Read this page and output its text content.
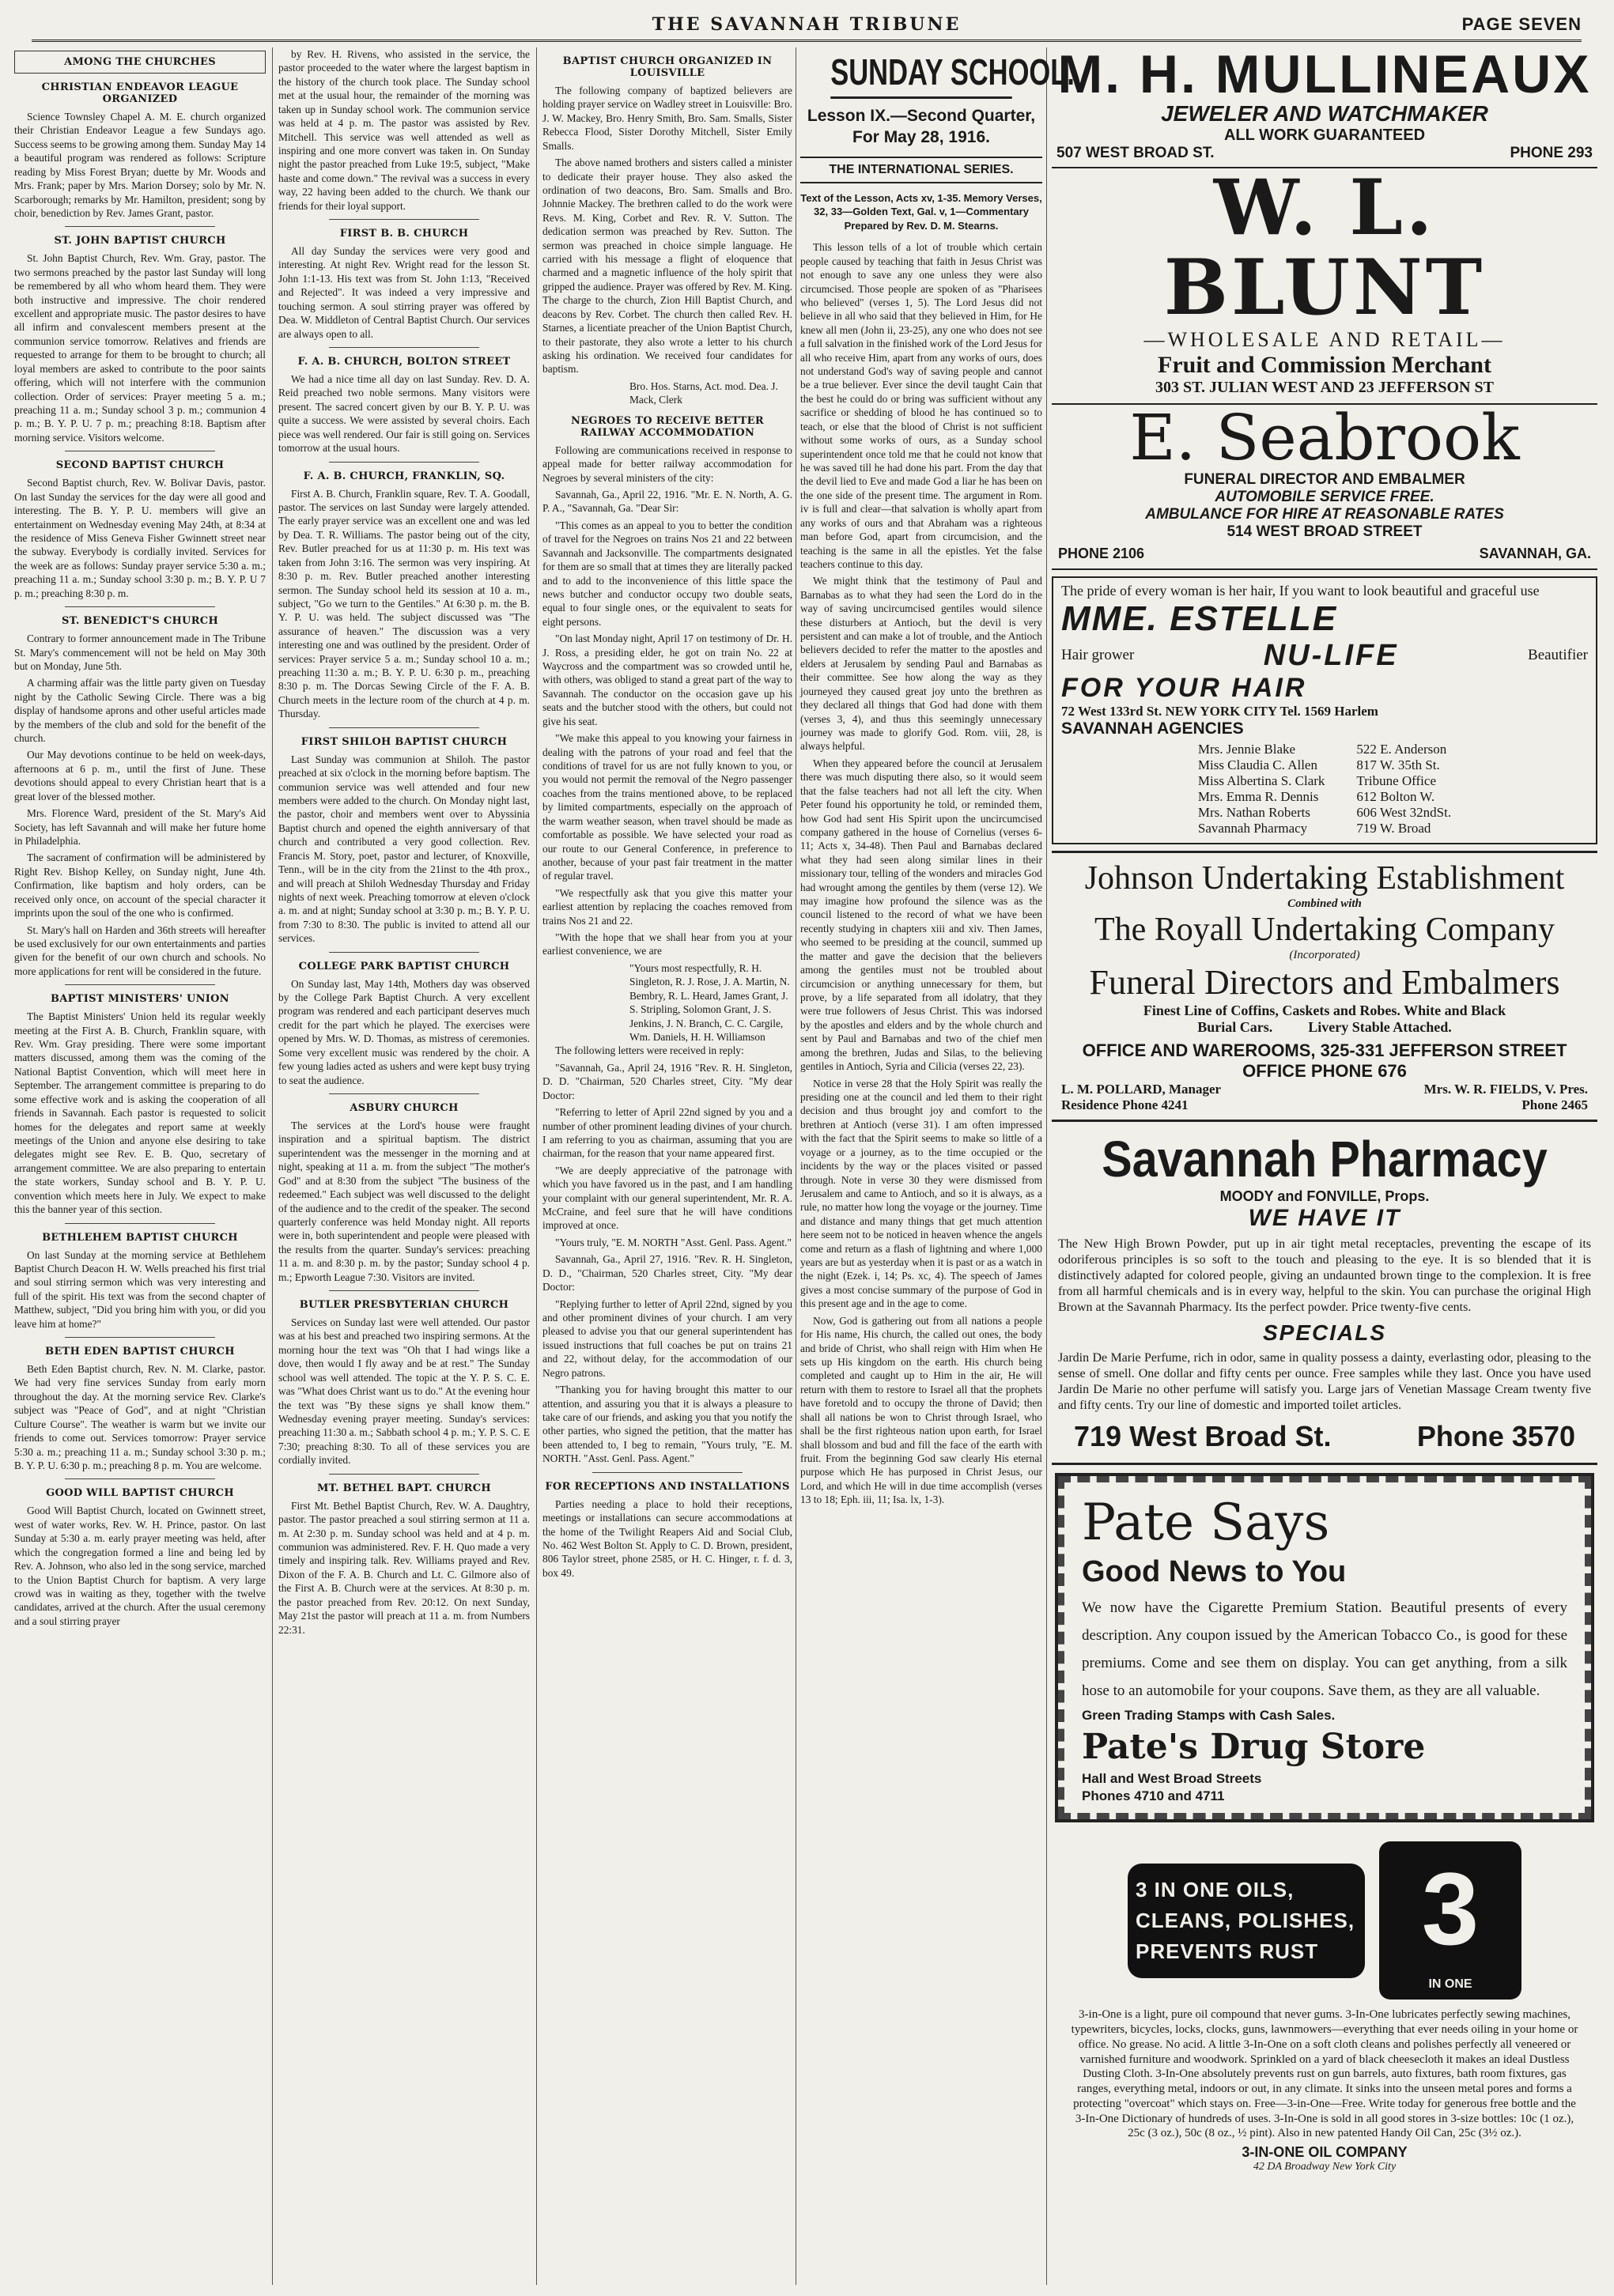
THE SAVANNAH TRIBUNE	PAGE SEVEN
AMONG THE CHURCHES
CHRISTIAN ENDEAVOR LEAGUE ORGANIZED

Science Townsley Chapel A. M. E. church organized their Christian Endeavor League a few Sundays ago. Success seems to be growing among them. Sunday May 14 a beautiful program was rendered as follows: Scripture reading by Miss Forest Bryan; duette by Mr. Woods and Mrs. Frank; paper by Mrs. Marion Dorsey; solo by Mr. N. Scarborough; remarks by Mr. Hamilton, president; song by choir, benediction by Rev. James Grant, pastor.

ST. JOHN BAPTIST CHURCH

St. John Baptist Church, Rev. Wm. Gray, pastor. The two sermons preached by the pastor last Sunday will long be remembered by all who whom heard them. They were both instructive and impressive. The choir rendered excellent and appropriate music. The pastor desires to have all infirm and convalescent members present at the communion service tomorrow. Relatives and friends are requested to arrange for them to be brought to church; all loyal members are asked to contribute to the poor saints offering, which will not interfere with the communion collection. Order of services: Prayer meeting 5 a. m.; preaching 11 a. m.; Sunday school 3 p. m.; communion 4 p. m.; B. Y. P. U. 7 p. m.; preaching 8:18. Baptism after morning service. Visitors welcome.

SECOND BAPTIST CHURCH

Second Baptist church, Rev. W. Bolivar Davis, pastor. On last Sunday the services for the day were all good and interesting. The B. Y. P. U. members will give an entertainment on Wednesday evening May 24th, at 8:34 at the residence of Miss Geneva Fisher Gwinnett street near the subway. Everybody is cordially invited. Services for the week are as follows: Sunday prayer service 5:30 a. m.; preaching 11 a. m.; Sunday school 3:30 p. m.; B. Y. P. U 7 p. m.; preaching 8:30 p. m.

ST. BENEDICT'S CHURCH

Contrary to former announcement made in The Tribune St. Mary's commencement will not be held on May 30th but on Monday, June 5th.

A charming affair was the little party given on Tuesday night by the Catholic Sewing Circle. There was a big display of handsome aprons and other useful articles made by the members of the club and sold for the benefit of the church.

Our May devotions continue to be held on week-days, afternoons at 6 p. m., until the first of June. These devotions should appeal to every Christian heart that is a great lover of the blessed mother.

Mrs. Florence Ward, president of the St. Mary's Aid Society, has left Savannah and will make her future home in Philadelphia.

The sacrament of confirmation will be administered by Right Rev. Bishop Kelley, on Sunday night, June 4th. Confirmation, like baptism and holy orders, can be received only once, on account of the special character it imprints upon the soul of the one who is confirmed.

St. Mary's hall on Harden and 36th streets will hereafter be used exclusively for our own entertainments and parties given for the benefit of our own church and schools. No more applications for rent will be considered in the future.

BAPTIST MINISTERS' UNION

The Baptist Ministers' Union held its regular weekly meeting at the First A. B. Church, Franklin square, with Rev. Wm. Gray presiding. There were some important matters discussed, among them was the coming of the National Baptist Convention, which will meet here in September. The arrangement committee is preparing to do some effective work and is asking the cooperation of all friends in Savannah. Each pastor is requested to solicit homes for the delegates and report same at weekly meetings of the Union and anyone else desiring to take delegates might see Rev. E. B. Quo, secretary of arrangement committee. We are also preparing to entertain the state workers, Sunday school and B. Y. P. U. convention which meets here in July. We expect to make this the banner year of this section.

BETHLEHEM BAPTIST CHURCH

On last Sunday at the morning service at Bethlehem Baptist Church Deacon H. W. Wells preached his first trial and soul stirring sermon which was very interesting and full of the spirit. His text was from the second chapter of Matthew, subject, "Did you bring him with you, or did you leave him at home?"

BETH EDEN BAPTIST CHURCH

Beth Eden Baptist church, Rev. N. M. Clarke, pastor. We had very fine services Sunday from early morn throughout the day. At the morning service Rev. Clarke's subject was "Peace of God", and at night "Christian Culture Course". The weather is warm but we invite our friends to come out. Services tomorrow: Prayer service 5:30 a. m.; preaching 11 a. m.; Sunday school 3:30 p. m.; B. Y. P. U. 6:30 p. m.; preaching 8 p. m. You are welcome.

GOOD WILL BAPTIST CHURCH

Good Will Baptist Church, located on Gwinnett street, west of water works, Rev. W. H. Prince, pastor. On last Sunday at 5:30 a. m. early prayer meeting was held, after which the congregation formed a line and being led by Rev. A. Johnson, who also led in the song service, marched to the Union Baptist Church for baptism. A very large crowd was in waiting as they, together with the twelve candidates, arrived at the church. After the usual ceremony and a soul stirring prayer

by Rev. H. Rivens, who assisted in the service, the pastor proceeded to the water where the largest baptism in the history of the church took place. The Sunday school met at the usual hour, the remainder of the morning was taken up in Sunday school work. The communion service was held at 4 p. m. The pastor was assisted by Rev. Mitchell. This service was well attended as well as inspiring and one more convert was taken in. On Sunday night the pastor preached from Luke 19:5, subject, "Make haste and come down." The revival was a success in every way, 22 having been added to the church. We thank our friends for their loyal support.

FIRST B. B. CHURCH

All day Sunday the services were very good and interesting. At night Rev. Wright read for the lesson St. John 1:1-13. His text was from St. John 1:13, "Received and Rejected". It was indeed a very impressive and touching sermon. A soul stirring prayer was offered by Dea. W. Middleton of Central Baptist Church. Our services are always open to all.

F. A. B. CHURCH, BOLTON STREET

We had a nice time all day on last Sunday. Rev. D. A. Reid preached two noble sermons. Many visitors were present. The sacred concert given by our B. Y. P. U. was quite a success. We were assisted by several choirs. Each piece was well rendered. Our fair is still going on. Services tomorrow at the usual hours.

F. A. B. CHURCH, FRANKLIN, SQ.

First A. B. Church, Franklin square, Rev. T. A. Goodall, pastor. The services on last Sunday were largely attended. The early prayer service was an excellent one and was led by Dea. T. R. Williams. The pastor being out of the city, Rev. Butler preached for us at 11:30 p. m. His text was taken from John 3:16. The sermon was very inspiring. At 8:30 p. m. Rev. Butler preached another interesting sermon. The Sunday school held its session at 10 a. m., subject, "Go we turn to the Gentiles." At 6:30 p. m. the B. Y. P. U. was held. The subject discussed was "The assurance of heaven." The discussion was a very interesting one and was outlined by the president. Order of services: Prayer service 5 a. m.; Sunday school 10 a. m.; preaching 11:30 a. m.; B. Y. P. U. 6:30 p. m., preaching 8:30 p. m. The Dorcas Sewing Circle of the F. A. B. Church meets in the lecture room of the church at 4 p. m. Thursday.

FIRST SHILOH BAPTIST CHURCH

Last Sunday was communion at Shiloh. The pastor preached at six o'clock in the morning before baptism. The communion service was well attended and four new members were added to the church. On Monday night last, the pastor, choir and members went over to Abyssinia Baptist church and opened the eighth anniversary of that church and contributed a very good collection. Rev. Francis M. Story, poet, pastor and lecturer, of Knoxville, Tenn., will be in the city from the 21inst to the 4th prox., and will preach at Shiloh Wednesday Thursday and Friday nights of next week. Preaching tomorrow at eleven o'clock a. m. and at night; Sunday school at 3:30 p. m.; B. Y. P. U. from 7:30 to 8:30. The public is invited to attend all our services.

COLLEGE PARK BAPTIST CHURCH

On Sunday last, May 14th, Mothers day was observed by the College Park Baptist Church. A very excellent program was rendered and each participant deserves much credit for the part which he played. The exercises were opened by Mrs. W. D. Thomas, as mistress of ceremonies. Some very excellent music was rendered by the choir. A few young ladies acted as ushers and were kept busy trying to seat the audience.

ASBURY CHURCH

The services at the Lord's house were fraught inspiration and a spiritual baptism. The district superintendent was the messenger in the morning and at night, speaking at 11 a. m. from the subject "The mother's God" and at 8:30 from the subject "The business of the redeemed." Each subject was well discussed to the delight of the audience and to the credit of the speaker. The second quarterly conference was held Monday night. All reports were in, both superintendent and people were pleased with the results from the quarter. Sunday's services: preaching 11 a. m. and 8:30 p. m. by the pastor; Sunday school 4 p. m.; Epworth League 7:30. Visitors are invited.

BUTLER PRESBYTERIAN CHURCH

Services on Sunday last were well attended. Our pastor was at his best and preached two inspiring sermons. At the morning hour the text was "Oh that I had wings like a dove, then would I fly away and be at rest." The Sunday school was well attended. The topic at the Y. P. S. C. E. was "What does Christ want us to do." At the evening hour the text was "By these signs ye shall know them." Wednesday evening prayer meeting. Sunday's services: preaching 11:30 a. m.; Sabbath school 4 p. m.; Y. P. S. C. E 7:30; preaching 8:30. To all of these services you are cordially invited.

MT. BETHEL BAPT. CHURCH

First Mt. Bethel Baptist Church, Rev. W. A. Daughtry, pastor. The pastor preached a soul stirring sermon at 11 a. m. At 2:30 p. m. Sunday school was held and at 4 p. m. communion was administered. Rev. F. H. Quo made a very timely and inspiring talk. Rev. Williams prayed and Rev. Dixon of the F. A. B. Church and Lt. C. Gilmore also of the First A. B. Church were at the services. At 8:30 p. m. the pastor preached from Rev. 20:12. On next Sunday, May 21st the pastor will preach at 11 a. m. from Numbers 22:31.

BAPTIST CHURCH ORGANIZED IN LOUISVILLE

The following company of baptized believers are holding prayer service on Wadley street in Louisville: Bro. J. W. Mackey, Bro. Henry Smith, Bro. Sam. Smalls, Sister Rebecca Flood, Sister Dorothy Mitchell, Sister Emily Smalls.

The above named brothers and sisters called a minister to dedicate their prayer house. They also asked the ordination of two deacons, Bro. Sam. Smalls and Bro. Johnnie Mackey. The brethren called to do the work were Revs. M. King, Corbet and Rev. R. V. Sutton. The dedication sermon was preached by Rev. Sutton. The sermon was preached in choice simple language. He carried with his message a flight of eloquence that charmed and a magnetic influence of the holy spirit that gripped the audience. Prayer was offered by Rev. M. King. The charge to the church, Zion Hill Baptist Church, and deacons by Rev. Corbet. The church then called Rev. H. Starnes, a licentiate preacher of the Union Baptist Church, to their pastorate, they also wrote a letter to his church asking his ordination. We received four candidates for baptism.

Bro. Hos. Starns, Act. mod. Dea. J. Mack, Clerk
NEGROES TO RECEIVE BETTER RAILWAY ACCOMMODATION

Following are communications received in response to appeal made for better railway accommodation for Negroes by several ministers of the city:

Savannah, Ga., April 22, 1916. "Mr. E. N. North, A. G. P. A., "Savannah, Ga. "Dear Sir:

"This comes as an appeal to you to better the condition of travel for the Negroes on trains Nos 21 and 22 between Savannah and Jacksonville. The compartments designated for them are so small that at times they are literally packed and to add to the inconvenience of this little space the news butcher and conductor occupy two double seats, equal to four single ones, or the equivalent to seats for eight persons.

"On last Monday night, April 17 on testimony of Dr. H. J. Ross, a presiding elder, he got on train No. 22 at Waycross and the compartment was so crowded until he, with others, was obliged to stand a great part of the way to Savannah. The conductor on the occasion gave up his seats and the butcher stood with the others, but could not give his seat.

"We make this appeal to you knowing your fairness in dealing with the patrons of your road and feel that the conditions of travel for us are not fully known to you, or you would not permit the removal of the Negro passenger coaches from the trains mentioned above, to be replaced by limited compartments, especially on the approach of the warm weather season, when travel should be made as comfortable as possible. We have selected your road as our route to our General Conference, in preference to another, because of your past fair treatment in the matter of regular travel.

"We respectfully ask that you give this matter your earliest attention by replacing the coaches removed from trains Nos 21 and 22.

"With the hope that we shall hear from you at your earliest convenience, we are

"Yours most respectfully, R. H. Singleton, R. J. Rose, J. A. Martin, N. Bembry, R. L. Heard, James Grant, J. S. Stripling, Solomon Grant, J. S. Jenkins, J. N. Branch, C. C. Cargile, Wm. Daniels, H. H. Williamson

The following letters were received in reply:

"Savannah, Ga., April 24, 1916 "Rev. R. H. Singleton, D. D. "Chairman, 520 Charles street, City. "My dear Doctor:

"Referring to letter of April 22nd signed by you and a number of other prominent leading divines of your church. I am referring to you as chairman, assuming that you are chairman, for the reason that your name appeared first.

"We are deeply appreciative of the patronage with which you have favored us in the past, and I am handling your complaint with our general superintendent, Mr. R. A. McCraine, and feel sure that he will have conditions improved at once.

"Yours truly, "E. M. NORTH "Asst. Genl. Pass. Agent."

Savannah, Ga., April 27, 1916. "Rev. R. H. Singleton, D. D., "Chairman, 520 Charles street, City. "My dear Doctor:

"Replying further to letter of April 22nd, signed by you and other prominent divines of your church. I am very pleased to advise you that our general superintendent has issued instructions that full coaches be put on trains 21 and 22, without delay, for the accommodation of our Negro patrons.

"Thanking you for having brought this matter to our attention, and assuring you that it is always a pleasure to take care of our friends, and asking you that you notify the other parties, who signed the petition, that the matter has been attended to, I beg to remain, "Yours truly, "E. M. NORTH. "Asst. Genl. Pass. Agent."

FOR RECEPTIONS AND INSTALLATIONS

Parties needing a place to hold their receptions, meetings or installations can secure accommodations at the home of the Twilight Reapers Aid and Social Club, No. 462 West Bolton St. Apply to C. D. Brown, president, 806 Taylor street, phone 2585, or H. C. Hinger, r. f. d. 3, box 49.

SUNDAY SCHOOL.
Lesson IX.—Second Quarter, For May 28, 1916.
THE INTERNATIONAL SERIES.
Text of the Lesson, Acts xv, 1-35. Memory Verses, 32, 33—Golden Text, Gal. v, 1—Commentary Prepared by Rev. D. M. Stearns.

This lesson tells of a lot of trouble which certain people caused by teaching that faith in Jesus Christ was not enough to save any one unless they were also circumcised. Those people are spoken of as "Pharisees who believed" (verses 1, 5). The Lord Jesus did not believe in all who said that they believed in Him, for He knew all men (John ii, 23-25), any one who does not see a full salvation in the finished work of the Lord Jesus for all who receive Him, apart from any works of ours, does not understand God's way of saving people and cannot be a true believer. Ever since the devil taught Cain that the best he could do or bring was sufficient without any sacrifice or shedding of blood he has continued so to teach, or else that the blood of Christ is not sufficient without some works of ours, as a Sunday school superintendent once told me that he could not know that he was saved till he had done his part. From the day that the devil lied to Eve and made God a liar he has been on the one side of the present time. The argument in Rom. iv is full and clear—that salvation is wholly apart from any works of ours and that Abraham was a righteous man before God, apart from circumcision, and the teaching is the same in all the epistles. Yet the false teachers continue to this day.

We might think that the testimony of Paul and Barnabas as to what they had seen the Lord do in the way of saving uncircumcised gentiles would silence these disturbers at Antioch, but the devil is very persistent and can make a lot of trouble, and the Antioch believers decided to refer the matter to the apostles and elders at Jerusalem by sending Paul and Barnabas as their committee. See how along the way as they journeyed they caused great joy unto the brethren as they declared all things that God had done with them (verses 3, 4), and thus this seemingly unnecessary journey was made to glorify God. Rom. viii, 28, is always helpful.

When they appeared before the council at Jerusalem there was much disputing there also, so it would seem that the false teachers had not all left the city. When Peter found his opportunity he told, or reminded them, how God had sent His Spirit upon the uncircumcised company gathered in the house of Cornelius (verses 6-11; Acts x, 34-48). Then Paul and Barnabas declared what they had seen along similar lines in their missionary tour, telling of the wonders and miracles God had wrought among the gentiles by them (verse 12). We may imagine how profound the silence was as the council listened to the record of what we have been recently studying in chapters xiii and xiv. Then James, who seemed to be presiding at the council, summed up the matter and gave the decision that the believers among the gentiles must not be troubled about circumcision or anything unnecessary for them, but prove, by a life separated from all idolatry, that they were true followers of Jesus Christ. This was indorsed by the apostles and elders and by the whole church and sent by Paul and Barnabas and two of the chief men among the brethren, Judas and Silas, to the believing gentiles in Antioch, Syria and Cilicia (verses 22, 23).

Notice in verse 28 that the Holy Spirit was really the presiding one at the council and led them to their right decision and thus brought joy and comfort to the brethren at Antioch (verse 31). I am often impressed with the fact that the Spirit seems to make so little of a voyage or a journey, as to the time occupied or the incidents by the way or the places visited or passed through. Note in verse 30 they were dismissed from Jerusalem and came to Antioch, and so it is always, as a rule, no matter how long the voyage or the journey. Time and distance and many things that get much attention here seem not to be noticed in heaven whence the angels come and return as a flash of lightning and where 1,000 years are but as yesterday when it is past or as a watch in the night (Ezek. i, 14; Ps. xc, 4). The speech of James gives a most concise summary of the purpose of God in this present age and in the age to come.

Now, God is gathering out from all nations a people for His name, His church, the called out ones, the body and bride of Christ, who shall reign with Him when He sets up His kingdom on the earth. His church being completed and caught up to Him in the air, He will return with them to restore to Israel all that the prophets have foretold and to occupy the throne of David; then shall all nations be won to Christ through Israel, who shall be the first righteous nation upon earth, for Israel shall blossom and bud and fill the face of the earth with fruit. From the beginning God saw clearly His eternal purpose which He has purposed in Christ Jesus, our Lord, and which He will in due time accomplish (verses 13 to 18; Eph. iii, 11; Isa. lx, 1-3).

M. H. MULLINEAUX
JEWELER AND WATCHMAKER
ALL WORK GUARANTEED
507 WEST BROAD ST.	PHONE 293
W. L. BLUNT
—WHOLESALE AND RETAIL—
Fruit and Commission Merchant
303 ST. JULIAN WEST AND 23 JEFFERSON ST
E. Seabrook
FUNERAL DIRECTOR AND EMBALMER
AUTOMOBILE SERVICE FREE.
AMBULANCE FOR HIRE AT REASONABLE RATES
514 WEST BROAD STREET
PHONE 2106	SAVANNAH, GA.
The pride of every woman is her hair, If you want to look beautiful and graceful use
MME. ESTELLE
Hair grower	NU-LIFE	Beautifier
FOR YOUR HAIR
72 West 133rd St. NEW YORK CITY Tel. 1569 Harlem
SAVANNAH AGENCIES
Mrs. Jennie Blake	522 E. Anderson
Miss Claudia C. Allen	817 W. 35th St.
Miss Albertina S. Clark	Tribune Office
Mrs. Emma R. Dennis	612 Bolton W.
Mrs. Nathan Roberts	606 West 32ndSt.
Savannah Pharmacy	719 W. Broad
Johnson Undertaking Establishment
Combined with
The Royall Undertaking Company
(Incorporated)
Funeral Directors and Embalmers
Finest Line of Coffins, Caskets and Robes. White and Black
Burial Cars.          Livery Stable Attached.
OFFICE AND WAREROOMS, 325-331 JEFFERSON STREET
OFFICE PHONE 676
L. M. POLLARD, Manager	Mrs. W. R. FIELDS, V. Pres.
Residence Phone 4241	Phone 2465
Savannah Pharmacy
MOODY and FONVILLE, Props.
WE HAVE IT
The New High Brown Powder, put up in air tight metal receptacles, preventing the escape of its odoriferous principles is so soft to the touch and pleasing to the eye. It is so blended that it is distinctively adapted for colored people, giving an undaunted brown tinge to the complexion. It is free from all harmful chemicals and is in every way, helpful to the skin. You can purchase the original High Brown at the Savannah Pharmacy. Its the perfect powder. Price twenty-five cents.
SPECIALS
Jardin De Marie Perfume, rich in odor, same in quality possess a dainty, everlasting odor, pleasing to the sense of smell. One dollar and fifty cents per ounce. Free samples while they last. Once you have used Jardin De Marie no other perfume will satisfy you. Large jars of Venetian Massage Cream twenty five and fifty cents. Try our line of domestic and imported toilet articles.
719 West Broad St.	Phone 3570
Pate Says
Good News to You
We now have the Cigarette Premium Station. Beautiful presents of every description. Any coupon issued by the American Tobacco Co., is good for these premiums. Come and see them on display. You can get anything, from a silk hose to an automobile for your coupons. Save them, as they are all valuable.
Green Trading Stamps with Cash Sales.
Pate's Drug Store
Hall and West Broad Streets
Phones 4710 and 4711
3 IN ONE OILS,
CLEANS, POLISHES,
PREVENTS RUST	3
IN ONE
3-in-One is a light, pure oil compound that never gums. 3-In-One lubricates perfectly sewing machines, typewriters, bicycles, locks, clocks, guns, lawnmowers—everything that ever needs oiling in your home or office. No grease. No acid. A little 3-In-One on a soft cloth cleans and polishes perfectly all veneered or varnished furniture and woodwork. Sprinkled on a yard of black cheesecloth it makes an ideal Dustless Dusting Cloth. 3-In-One absolutely prevents rust on gun barrels, auto fixtures, bath room fixtures, gas ranges, everything metal, indoors or out, in any climate. It sinks into the unseen metal pores and forms a protecting "overcoat" which stays on. Free—3-in-One—Free. Write today for generous free bottle and the 3-In-One Dictionary of hundreds of uses. 3-In-One is sold in all good stores in 3-size bottles: 10c (1 oz.), 25c (3 oz.), 50c (8 oz., ½ pint). Also in new patented Handy Oil Can, 25c (3½ oz.).
3-IN-ONE OIL COMPANY
42 DA Broadway New York City
